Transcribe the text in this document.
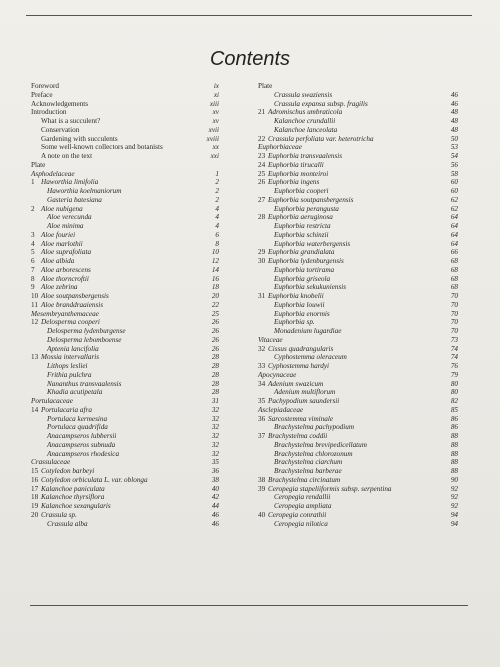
Contents
Foreword	ix
Preface	xi
Acknowledgements	xiii
Introduction	xv
What is a succulent?	xv
Conservation	xvii
Gardening with succulents	xviii
Some well-known collectors and botanists	xx
A note on the text	xxi
Plate
Asphodelaceae	1
1 Haworthia limifolia	2
Haworthia koelmaniorum	2
Gasteria batesiana	2
2 Aloe nubigena	4
Aloe verecunda	4
Aloe minima	4
3 Aloe fouriei	6
4 Aloe marlothii	8
5 Aloe suprafoliata	10
6 Aloe albida	12
7 Aloe arborescens	14
8 Aloe thorncroftii	16
9 Aloe zebrina	18
10 Aloe soutpansbergensis	20
11 Aloe branddraaiensis	22
Mesembryanthemaceae	25
12 Delosperma cooperi	26
Delosperma lydenburgense	26
Delosperma lebomboense	26
Aptenia lancifolia	26
13 Mossia intervallaris	28
Lithops lesliei	28
Frithia pulchra	28
Nananthus transvaalensis	28
Khadia acutipetala	28
Portulacaceae	31
14 Portulacaria afra	32
Portulaca kermesina	32
Portulaca quadrifida	32
Anacampseros lubbersii	32
Anacampseros subnuda	32
Anacampseros rhodesica	32
Crassulaceae	35
15 Cotyledon barbeyi	36
16 Cotyledon orbiculata L. var. oblonga	38
17 Kalanchoe paniculata	40
18 Kalanchoe thyrsiflora	42
19 Kalanchoe sexangularis	44
20 Crassula sp.	46
Crassula alba	46
Plate
Crassula swaziensis	46
Crassula expansa subsp. fragilis	46
21 Adromischus umbraticola	48
Kalanchoe crundallii	48
Kalanchoe lanceolata	48
22 Crassula perfoliata var. heterotricha	50
Euphorbiaceae	53
23 Euphorbia transvaalensis	54
24 Euphorbia tirucalli	56
25 Euphorbia monteiroi	58
26 Euphorbia ingens	60
Euphorbia cooperi	60
27 Euphorbia soutpansbergensis	62
Euphorbia perangusta	62
28 Euphorbia aeruginosa	64
Euphorbia restricta	64
Euphorbia schinzii	64
Euphorbia waterbergensis	64
29 Euphorbia grandialata	66
30 Euphorbia lydenburgensis	68
Euphorbia tortirama	68
Euphorbia griseola	68
Euphorbia sekukuniensis	68
31 Euphorbia knobelii	70
Euphorbia louwii	70
Euphorbia enormis	70
Euphorbia sp.	70
Monadenium lugardiae	70
Vitaceae	73
32 Cissus quadrangularis	74
Cyphostemma oleraceum	74
33 Cyphostemma hardyi	76
Apocynaceae	79
34 Adenium swazicum	80
Adenium multiflorum	80
35 Pachypodium saundersii	82
Asclepiadaceae	85
36 Sarcostemma viminale	86
Brachystelma pachypodium	86
37 Brachystelma coddii	88
Brachystelma brevipedicellatum	88
Brachystelma chlorozonum	88
Brachystelma ciarchum	88
Brachystelma barberae	88
38 Brachystelma circinatum	90
39 Ceropegia stapeliiformis subsp. serpentina	92
Ceropegia rendallii	92
Ceropegia ampliata	92
40 Ceropegia conrathii	94
Ceropegia nilotica	94
